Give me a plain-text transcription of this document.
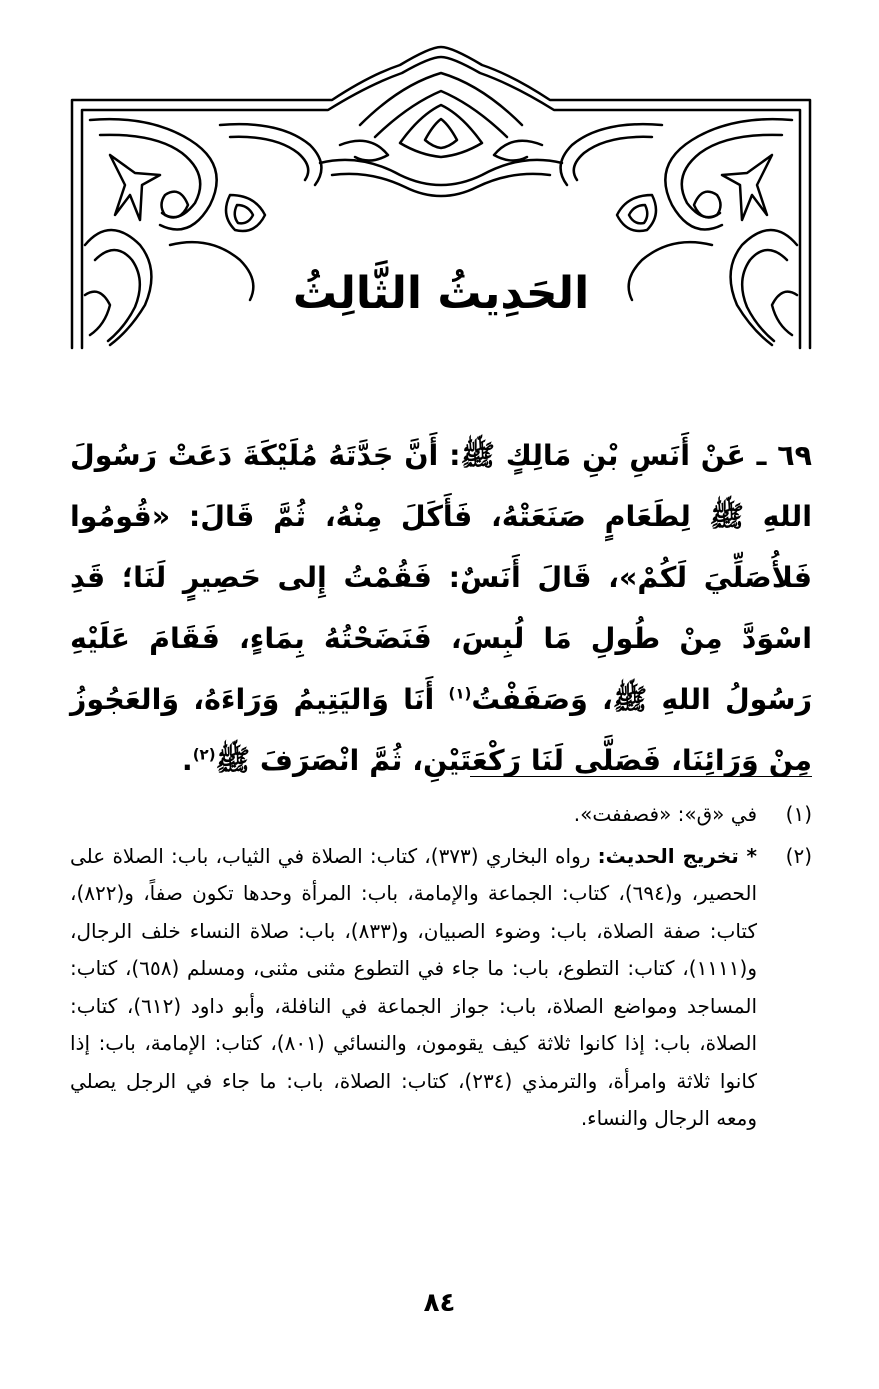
الحَدِيثُ الثَّالِثُ
٦٩ ـ عَنْ أَنَسِ بْنِ مَالِكٍ ﷺ: أَنَّ جَدَّتَهُ مُلَيْكَةَ دَعَتْ رَسُولَ اللهِ ﷺ لِطَعَامٍ صَنَعَتْهُ، فَأَكَلَ مِنْهُ، ثُمَّ قَالَ: «قُومُوا فَلأُصَلِّيَ لَكُمْ»، قَالَ أَنَسٌ: فَقُمْتُ إِلى حَصِيرٍ لَنَا؛ قَدِ اسْوَدَّ مِنْ طُولِ مَا لُبِسَ، فَنَضَحْتُهُ بِمَاءٍ، فَقَامَ عَلَيْهِ رَسُولُ اللهِ ﷺ، وَصَفَفْتُ$^{(١)}$ أَنَا وَاليَتِيمُ وَرَاءَهُ، وَالعَجُوزُ مِنْ وَرَائِنَا، فَصَلَّى لَنَا رَكْعَتَيْنِ، ثُمَّ انْصَرَفَ ﷺ$^{(٢)}$.
(١)
في «ق»: «فصففت».
(٢)
* تخريج الحديث: رواه البخاري (٣٧٣)، كتاب: الصلاة في الثياب، باب: الصلاة على الحصير، و(٦٩٤)، كتاب: الجماعة والإمامة، باب: المرأة وحدها تكون صفاً، و(٨٢٢)، كتاب: صفة الصلاة، باب: وضوء الصبيان، و(٨٣٣)، باب: صلاة النساء خلف الرجال، و(١١١١)، كتاب: التطوع، باب: ما جاء في التطوع مثنى مثنى، ومسلم (٦٥٨)، كتاب: المساجد ومواضع الصلاة، باب: جواز الجماعة في النافلة، وأبو داود (٦١٢)، كتاب: الصلاة، باب: إذا كانوا ثلاثة كيف يقومون، والنسائي (٨٠١)، كتاب: الإمامة، باب: إذا كانوا ثلاثة وامرأة، والترمذي (٢٣٤)، كتاب: الصلاة، باب: ما جاء في الرجل يصلي ومعه الرجال والنساء.
٨٤
